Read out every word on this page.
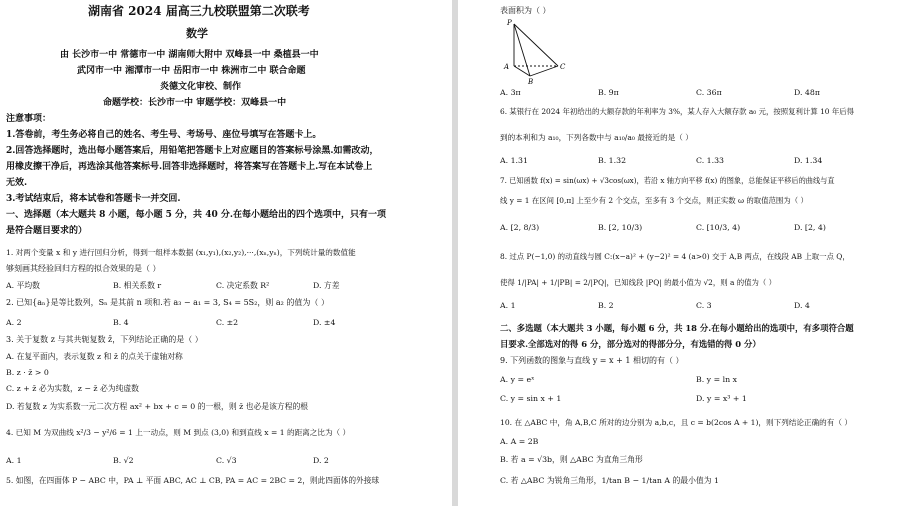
湖南省 2024 届高三九校联盟第二次联考
数学
由 长沙市一中 常德市一中 湖南师大附中 双峰县一中 桑植县一中
武冈市一中 湘潭市一中 岳阳市一中 株洲市二中 联合命题
炎德文化审校、制作
命题学校：长沙市一中 审题学校：双峰县一中
注意事项：
1.答卷前，考生务必将自己的姓名、考生号、考场号、座位号填写在答题卡上。
2.回答选择题时，选出每小题答案后，用铅笔把答题卡上对应题目的答案标号涂黑.如需改动，
用橡皮擦干净后，再选涂其他答案标号.回答非选择题时，将答案写在答题卡上.写在本试卷上
无效.
3.考试结束后，将本试卷和答题卡一并交回.
一、选择题（本大题共 8 小题，每小题 5 分，共 40 分.在每小题给出的四个选项中，只有一项
是符合题目要求的）
1. 对两个变量 x 和 y 进行回归分析，得到一组样本数据 (x₁,y₁),(x₂,y₂),···,(xₙ,yₙ)，下列统计量的数值能
够刻画其经验回归方程的拟合效果的是（ ）
A. 平均数	B. 相关系数 r	C. 决定系数 R²	D. 方差
2. 已知{aₙ}是等比数列，Sₙ 是其前 n 项和.若 a₃ − a₁ = 3, S₄ = 5S₂，则 a₂ 的值为（ ）
A. 2	B. 4	C. ±2	D. ±4
3. 关于复数 z 与其共轭复数 z̄，下列结论正确的是（ ）
A. 在复平面内，表示复数 z 和 z̄ 的点关于虚轴对称
B. z · z̄ > 0
C. z + z̄ 必为实数，z − z̄ 必为纯虚数
D. 若复数 z 为实系数一元二次方程 ax² + bx + c = 0 的一根，则 z̄ 也必是该方程的根
4. 已知 M 为双曲线 x²/3 − y²/6 = 1 上一动点，则 M 到点 (3,0) 和到直线 x = 1 的距离之比为（ ）
A. 1	B. √2	C. √3	D. 2
5. 如图，在四面体 P − ABC 中，PA ⊥ 平面 ABC, AC ⊥ CB, PA = AC = 2BC = 2，则此四面体的外接球
表面积为（ ）
P
A
B
C
A. 3π	B. 9π	C. 36π	D. 48π
6. 某银行在 2024 年初给出的大额存款的年利率为 3%，某人存入大额存款 a₀ 元，按照复利计算 10 年后得
到的本利和为 a₁₀，下列各数中与 a₁₀/a₀ 最接近的是（ ）
A. 1.31	B. 1.32	C. 1.33	D. 1.34
7. 已知函数 f(x) = sin(ωx) + √3cos(ωx)，若沿 x 轴方向平移 f(x) 的图象，总能保证平移后的曲线与直
线 y = 1 在区间 [0,π] 上至少有 2 个交点，至多有 3 个交点，则正实数 ω 的取值范围为（ ）
A. [2, 8/3)	B. [2, 10/3)	C. [10/3, 4)	D. [2, 4)
8. 过点 P(−1,0) 的动直线与圆 C:(x−a)² + (y−2)² = 4 (a>0) 交于 A,B 两点，在线段 AB 上取一点 Q，
使得 1/|PA| + 1/|PB| = 2/|PQ|，已知线段 |PQ| 的最小值为 √2，则 a 的值为（ ）
A. 1	B. 2	C. 3	D. 4
二、多选题（本大题共 3 小题，每小题 6 分，共 18 分.在每小题给出的选项中，有多项符合题
目要求.全部选对的得 6 分，部分选对的得部分分，有选错的得 0 分）
9. 下列函数的图象与直线 y = x + 1 相切的有（ ）
A. y = eˣ	B. y = ln x
C. y = sin x + 1	D. y = x³ + 1
10. 在 △ABC 中，角 A,B,C 所对的边分别为 a,b,c，且 c = b(2cos A + 1)，则下列结论正确的有（ ）
A. A = 2B
B. 若 a = √3b，则 △ABC 为直角三角形
C. 若 △ABC 为锐角三角形，1/tan B − 1/tan A 的最小值为 1
